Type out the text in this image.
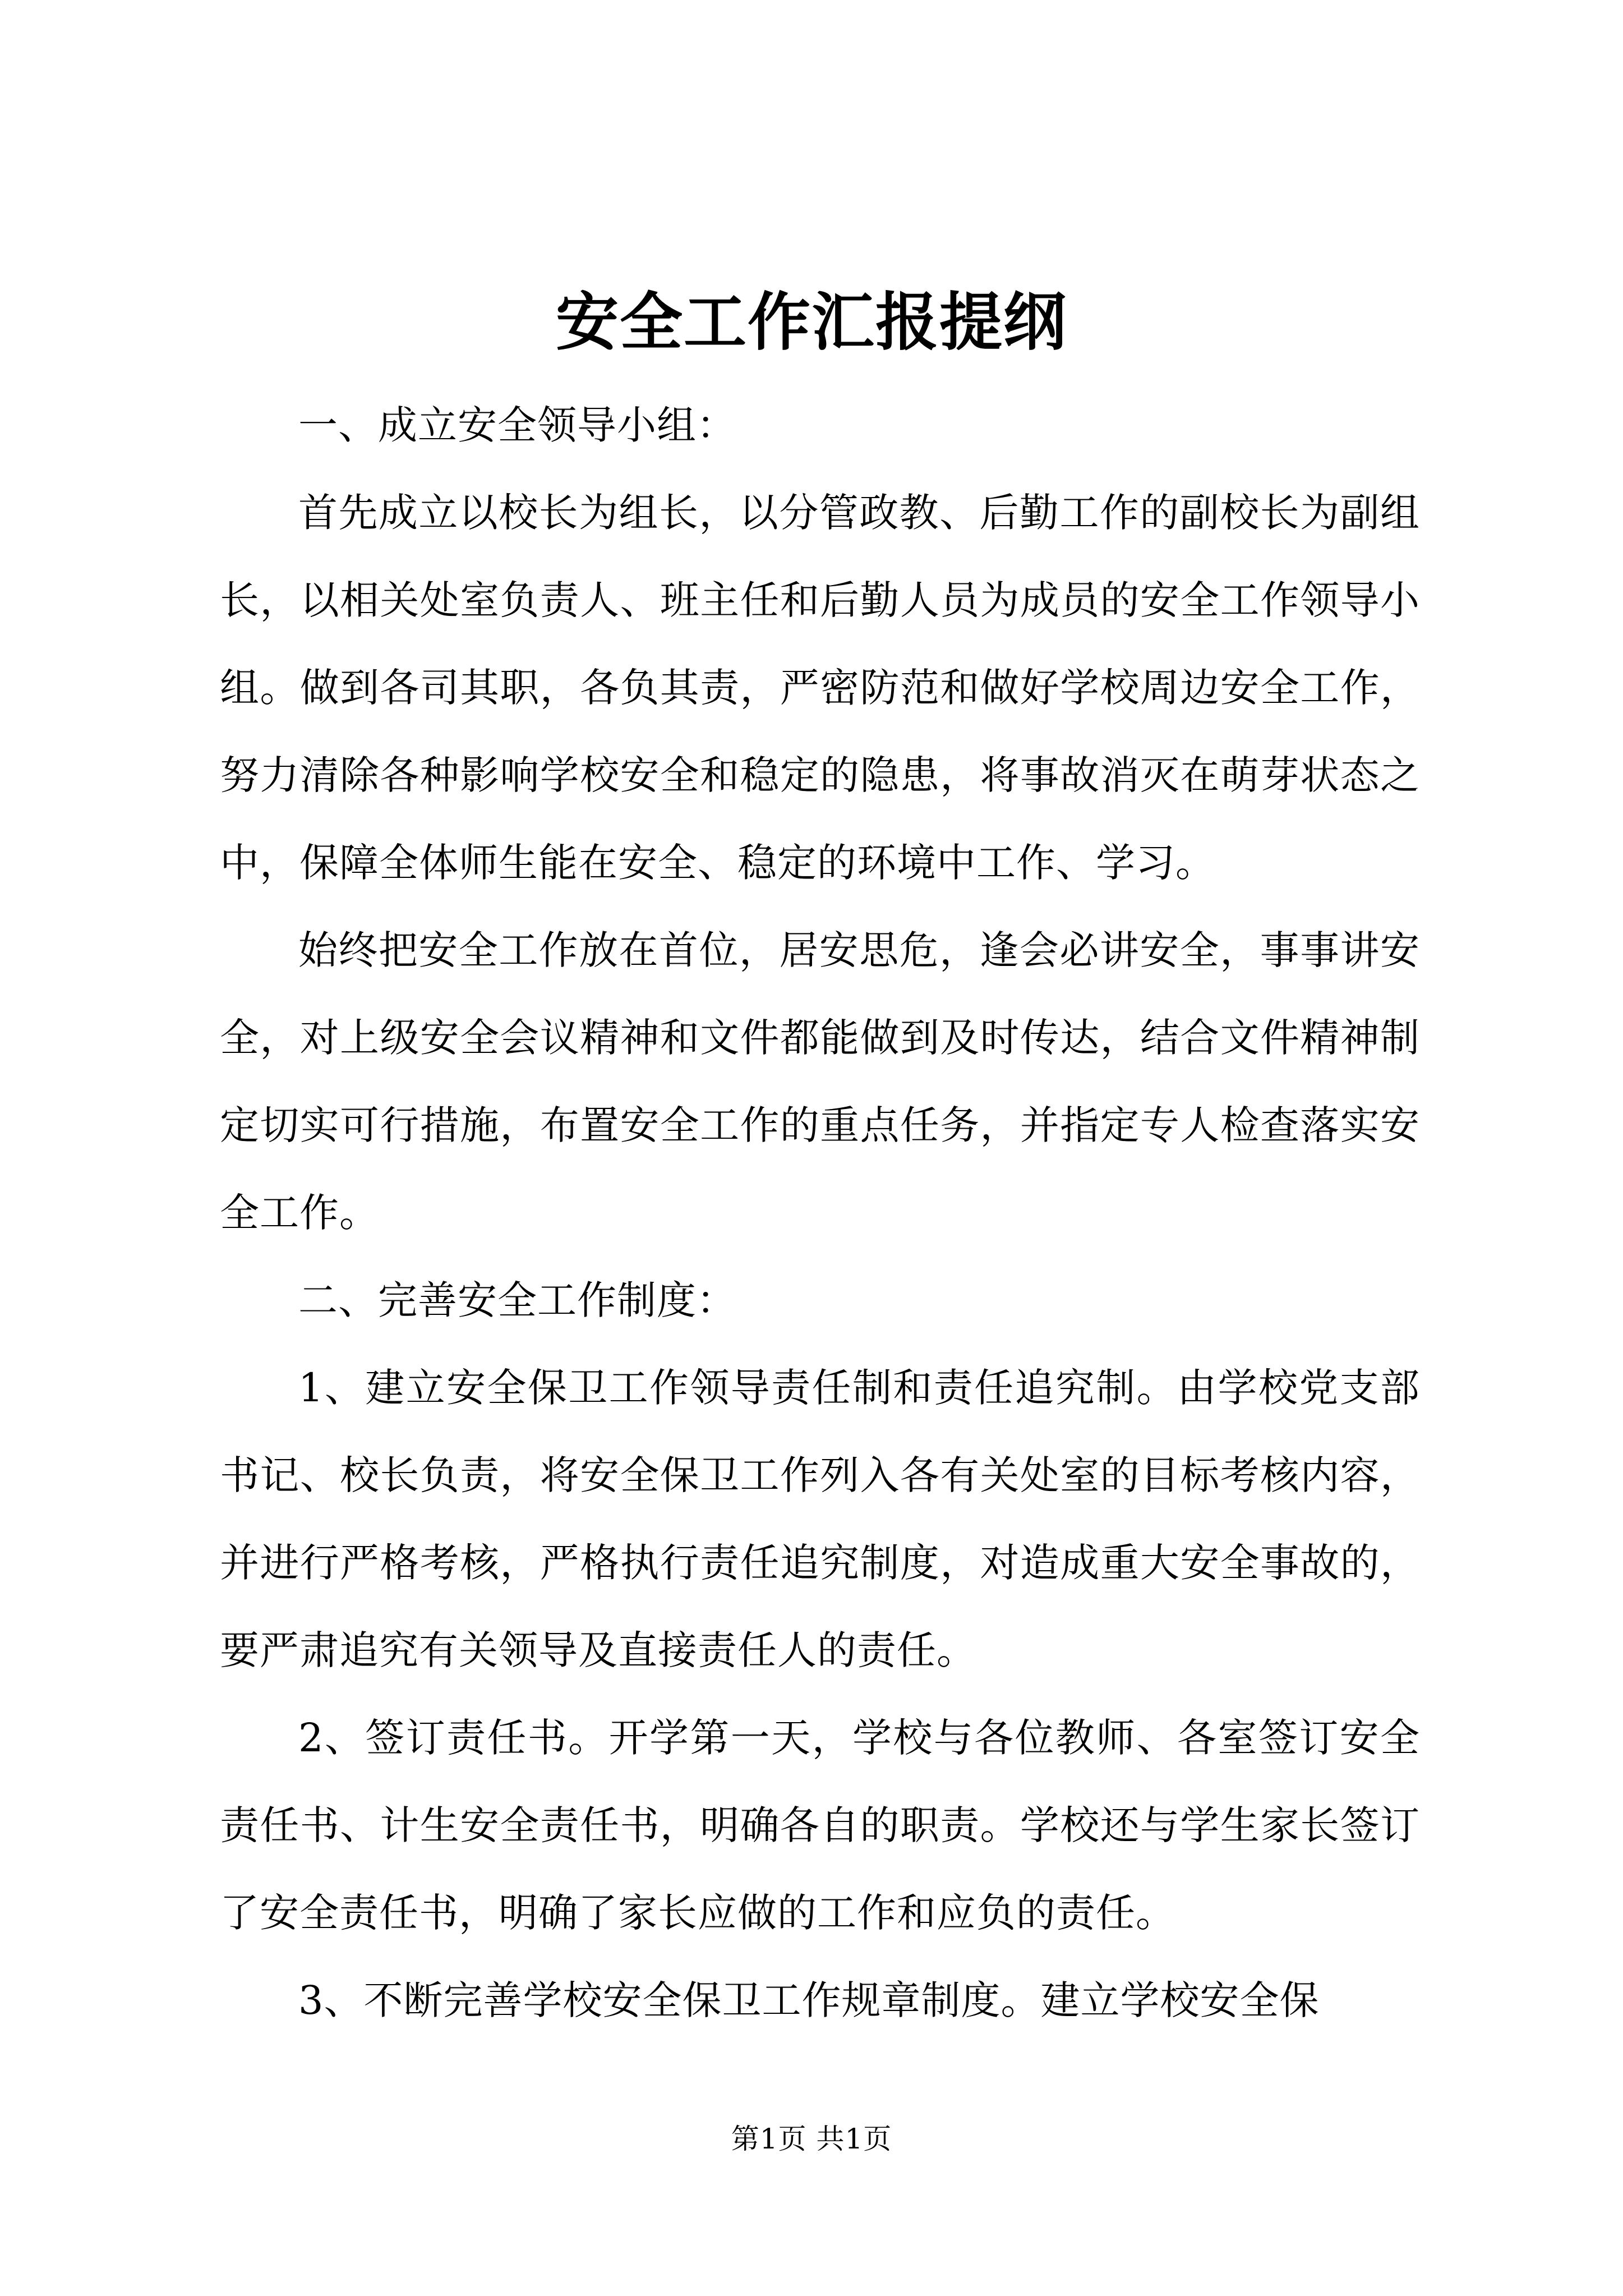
安全工作汇报提纲

一、成立安全领导小组：

首先成立以校长为组长，以分管政教、后勤工作的副校长为副组长，以相关处室负责人、班主任和后勤人员为成员的安全工作领导小组。做到各司其职，各负其责，严密防范和做好学校周边安全工作，努力清除各种影响学校安全和稳定的隐患，将事故消灭在萌芽状态之中，保障全体师生能在安全、稳定的环境中工作、学习。

始终把安全工作放在首位，居安思危，逢会必讲安全，事事讲安全，对上级安全会议精神和文件都能做到及时传达，结合文件精神制定切实可行措施，布置安全工作的重点任务，并指定专人检查落实安全工作。

二、完善安全工作制度：

1、建立安全保卫工作领导责任制和责任追究制。由学校党支部书记、校长负责，将安全保卫工作列入各有关处室的目标考核内容，并进行严格考核，严格执行责任追究制度，对造成重大安全事故的，要严肃追究有关领导及直接责任人的责任。

2、签订责任书。开学第一天，学校与各位教师、各室签订安全责任书、计生安全责任书，明确各自的职责。学校还与学生家长签订了安全责任书，明确了家长应做的工作和应负的责任。

3、不断完善学校安全保卫工作规章制度。建立学校安全保

第1页 共1页
